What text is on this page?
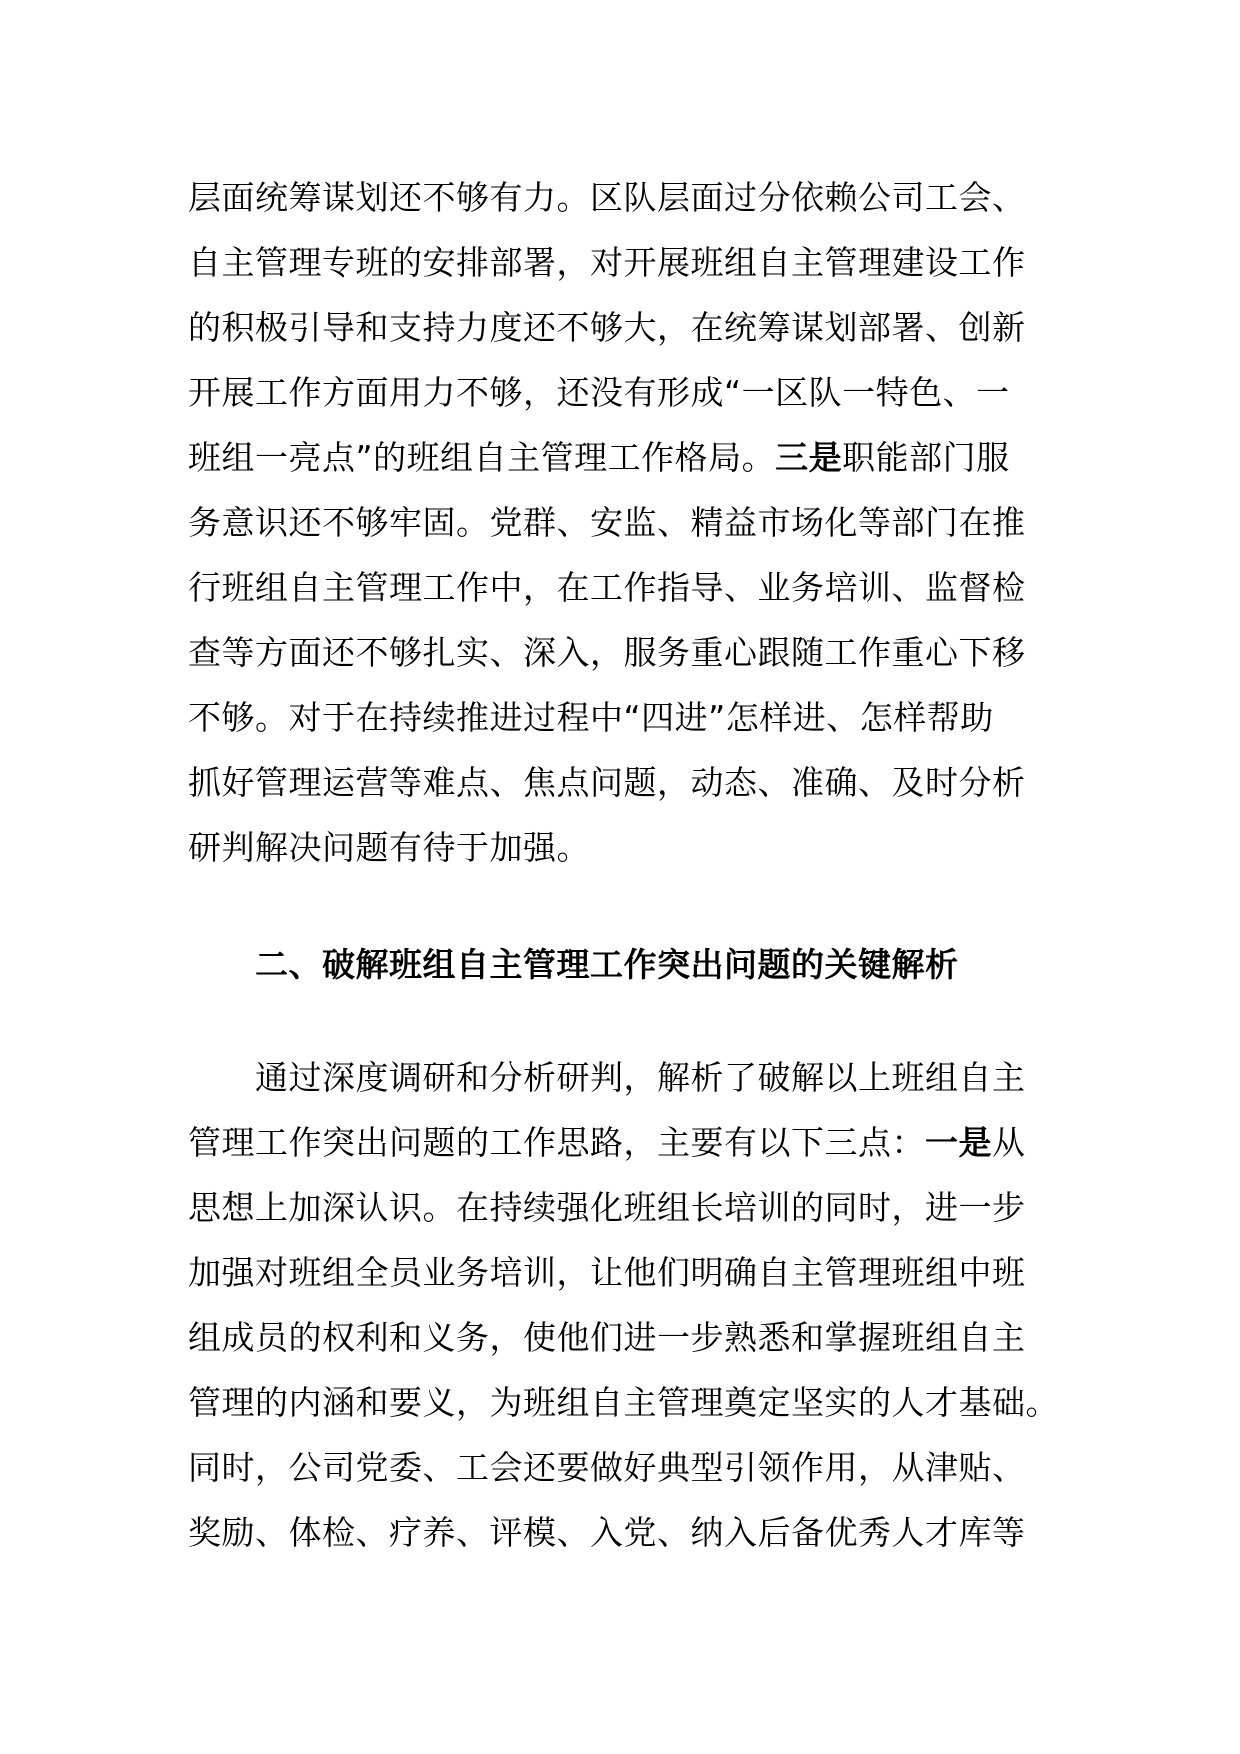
层面统筹谋划还不够有力。区队层面过分依赖公司工会、
自主管理专班的安排部署，对开展班组自主管理建设工作
的积极引导和支持力度还不够大，在统筹谋划部署、创新
开展工作方面用力不够，还没有形成“一区队一特色、一
班组一亮点”的班组自主管理工作格局。三是职能部门服
务意识还不够牢固。党群、安监、精益市场化等部门在推
行班组自主管理工作中，在工作指导、业务培训、监督检
查等方面还不够扎实、深入，服务重心跟随工作重心下移
不够。对于在持续推进过程中“四进”怎样进、怎样帮助
抓好管理运营等难点、焦点问题，动态、准确、及时分析
研判解决问题有待于加强。
二、破解班组自主管理工作突出问题的关键解析
通过深度调研和分析研判，解析了破解以上班组自主
管理工作突出问题的工作思路，主要有以下三点：一是从
思想上加深认识。在持续强化班组长培训的同时，进一步
加强对班组全员业务培训，让他们明确自主管理班组中班
组成员的权利和义务，使他们进一步熟悉和掌握班组自主
管理的内涵和要义，为班组自主管理奠定坚实的人才基础。
同时，公司党委、工会还要做好典型引领作用，从津贴、
奖励、体检、疗养、评模、入党、纳入后备优秀人才库等
